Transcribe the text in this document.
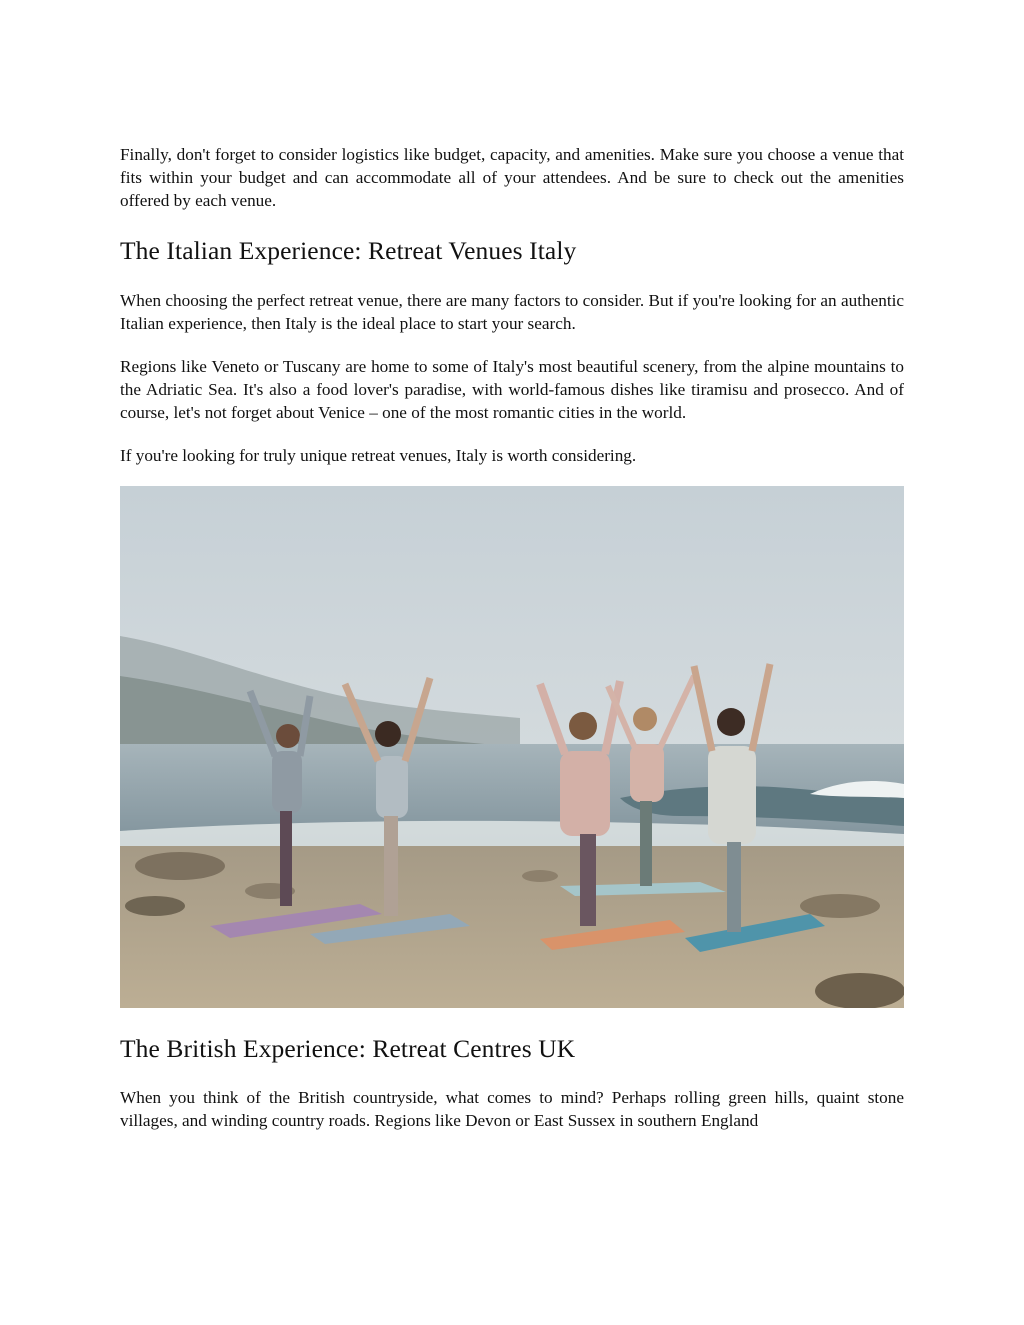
Finally, don't forget to consider logistics like budget, capacity, and amenities. Make sure you choose a venue that fits within your budget and can accommodate all of your attendees. And be sure to check out the amenities offered by each venue.

The Italian Experience: Retreat Venues Italy

When choosing the perfect retreat venue, there are many factors to consider. But if you're looking for an authentic Italian experience, then Italy is the ideal place to start your search.

Regions like Veneto or Tuscany are home to some of Italy's most beautiful scenery, from the alpine mountains to the Adriatic Sea. It's also a food lover's paradise, with world-famous dishes like tiramisu and prosecco. And of course, let's not forget about Venice – one of the most romantic cities in the world.

If you're looking for truly unique retreat venues, Italy is worth considering.

The British Experience: Retreat Centres UK

When you think of the British countryside, what comes to mind? Perhaps rolling green hills, quaint stone villages, and winding country roads. Regions like Devon or East Sussex in southern England
